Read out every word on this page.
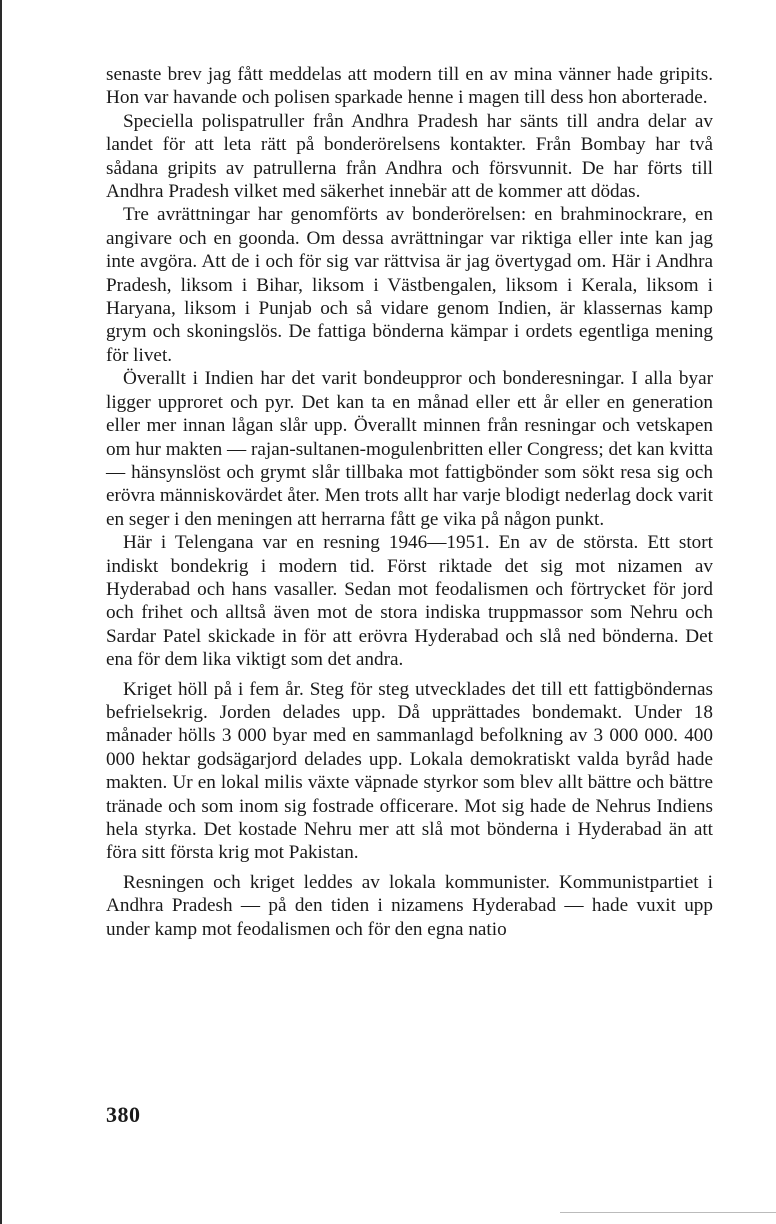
senaste brev jag fått meddelas att modern till en av mina vänner hade gripits. Hon var havande och polisen sparkade henne i magen till dess hon aborterade.

Speciella polispatruller från Andhra Pradesh har sänts till andra delar av landet för att leta rätt på bonderörelsens kontakter. Från Bombay har två sådana gripits av patrullerna från Andhra och försvunnit. De har förts till Andhra Pradesh vilket med säkerhet innebär att de kommer att dödas.

Tre avrättningar har genomförts av bonderörelsen: en brahminockrare, en angivare och en goonda. Om dessa avrättningar var riktiga eller inte kan jag inte avgöra. Att de i och för sig var rättvisa är jag övertygad om. Här i Andhra Pradesh, liksom i Bihar, liksom i Västbengalen, liksom i Kerala, liksom i Haryana, liksom i Punjab och så vidare genom Indien, är klassernas kamp grym och skoningslös. De fattiga bönderna kämpar i ordets egentliga mening för livet.

Överallt i Indien har det varit bondeuppror och bonderesningar. I alla byar ligger upproret och pyr. Det kan ta en månad eller ett år eller en generation eller mer innan lågan slår upp. Överallt minnen från resningar och vetskapen om hur makten — rajan-sultanen-mogulenbritten eller Congress; det kan kvitta — hänsynslöst och grymt slår tillbaka mot fattigbönder som sökt resa sig och erövra människovärdet åter. Men trots allt har varje blodigt nederlag dock varit en seger i den meningen att herrarna fått ge vika på någon punkt.

Här i Telengana var en resning 1946—1951. En av de största. Ett stort indiskt bondekrig i modern tid. Först riktade det sig mot nizamen av Hyderabad och hans vasaller. Sedan mot feodalismen och förtrycket för jord och frihet och alltså även mot de stora indiska truppmassor som Nehru och Sardar Patel skickade in för att erövra Hyderabad och slå ned bönderna. Det ena för dem lika viktigt som det andra.

Kriget höll på i fem år. Steg för steg utvecklades det till ett fattigböndernas befrielsekrig. Jorden delades upp. Då upprättades bondemakt. Under 18 månader hölls 3 000 byar med en sammanlagd befolkning av 3 000 000. 400 000 hektar godsägarjord delades upp. Lokala demokratiskt valda byråd hade makten. Ur en lokal milis växte väpnade styrkor som blev allt bättre och bättre tränade och som inom sig fostrade officerare. Mot sig hade de Nehrus Indiens hela styrka. Det kostade Nehru mer att slå mot bönderna i Hyderabad än att föra sitt första krig mot Pakistan.

Resningen och kriget leddes av lokala kommunister. Kommunistpartiet i Andhra Pradesh — på den tiden i nizamens Hyderabad — hade vuxit upp under kamp mot feodalismen och för den egna natio

380
